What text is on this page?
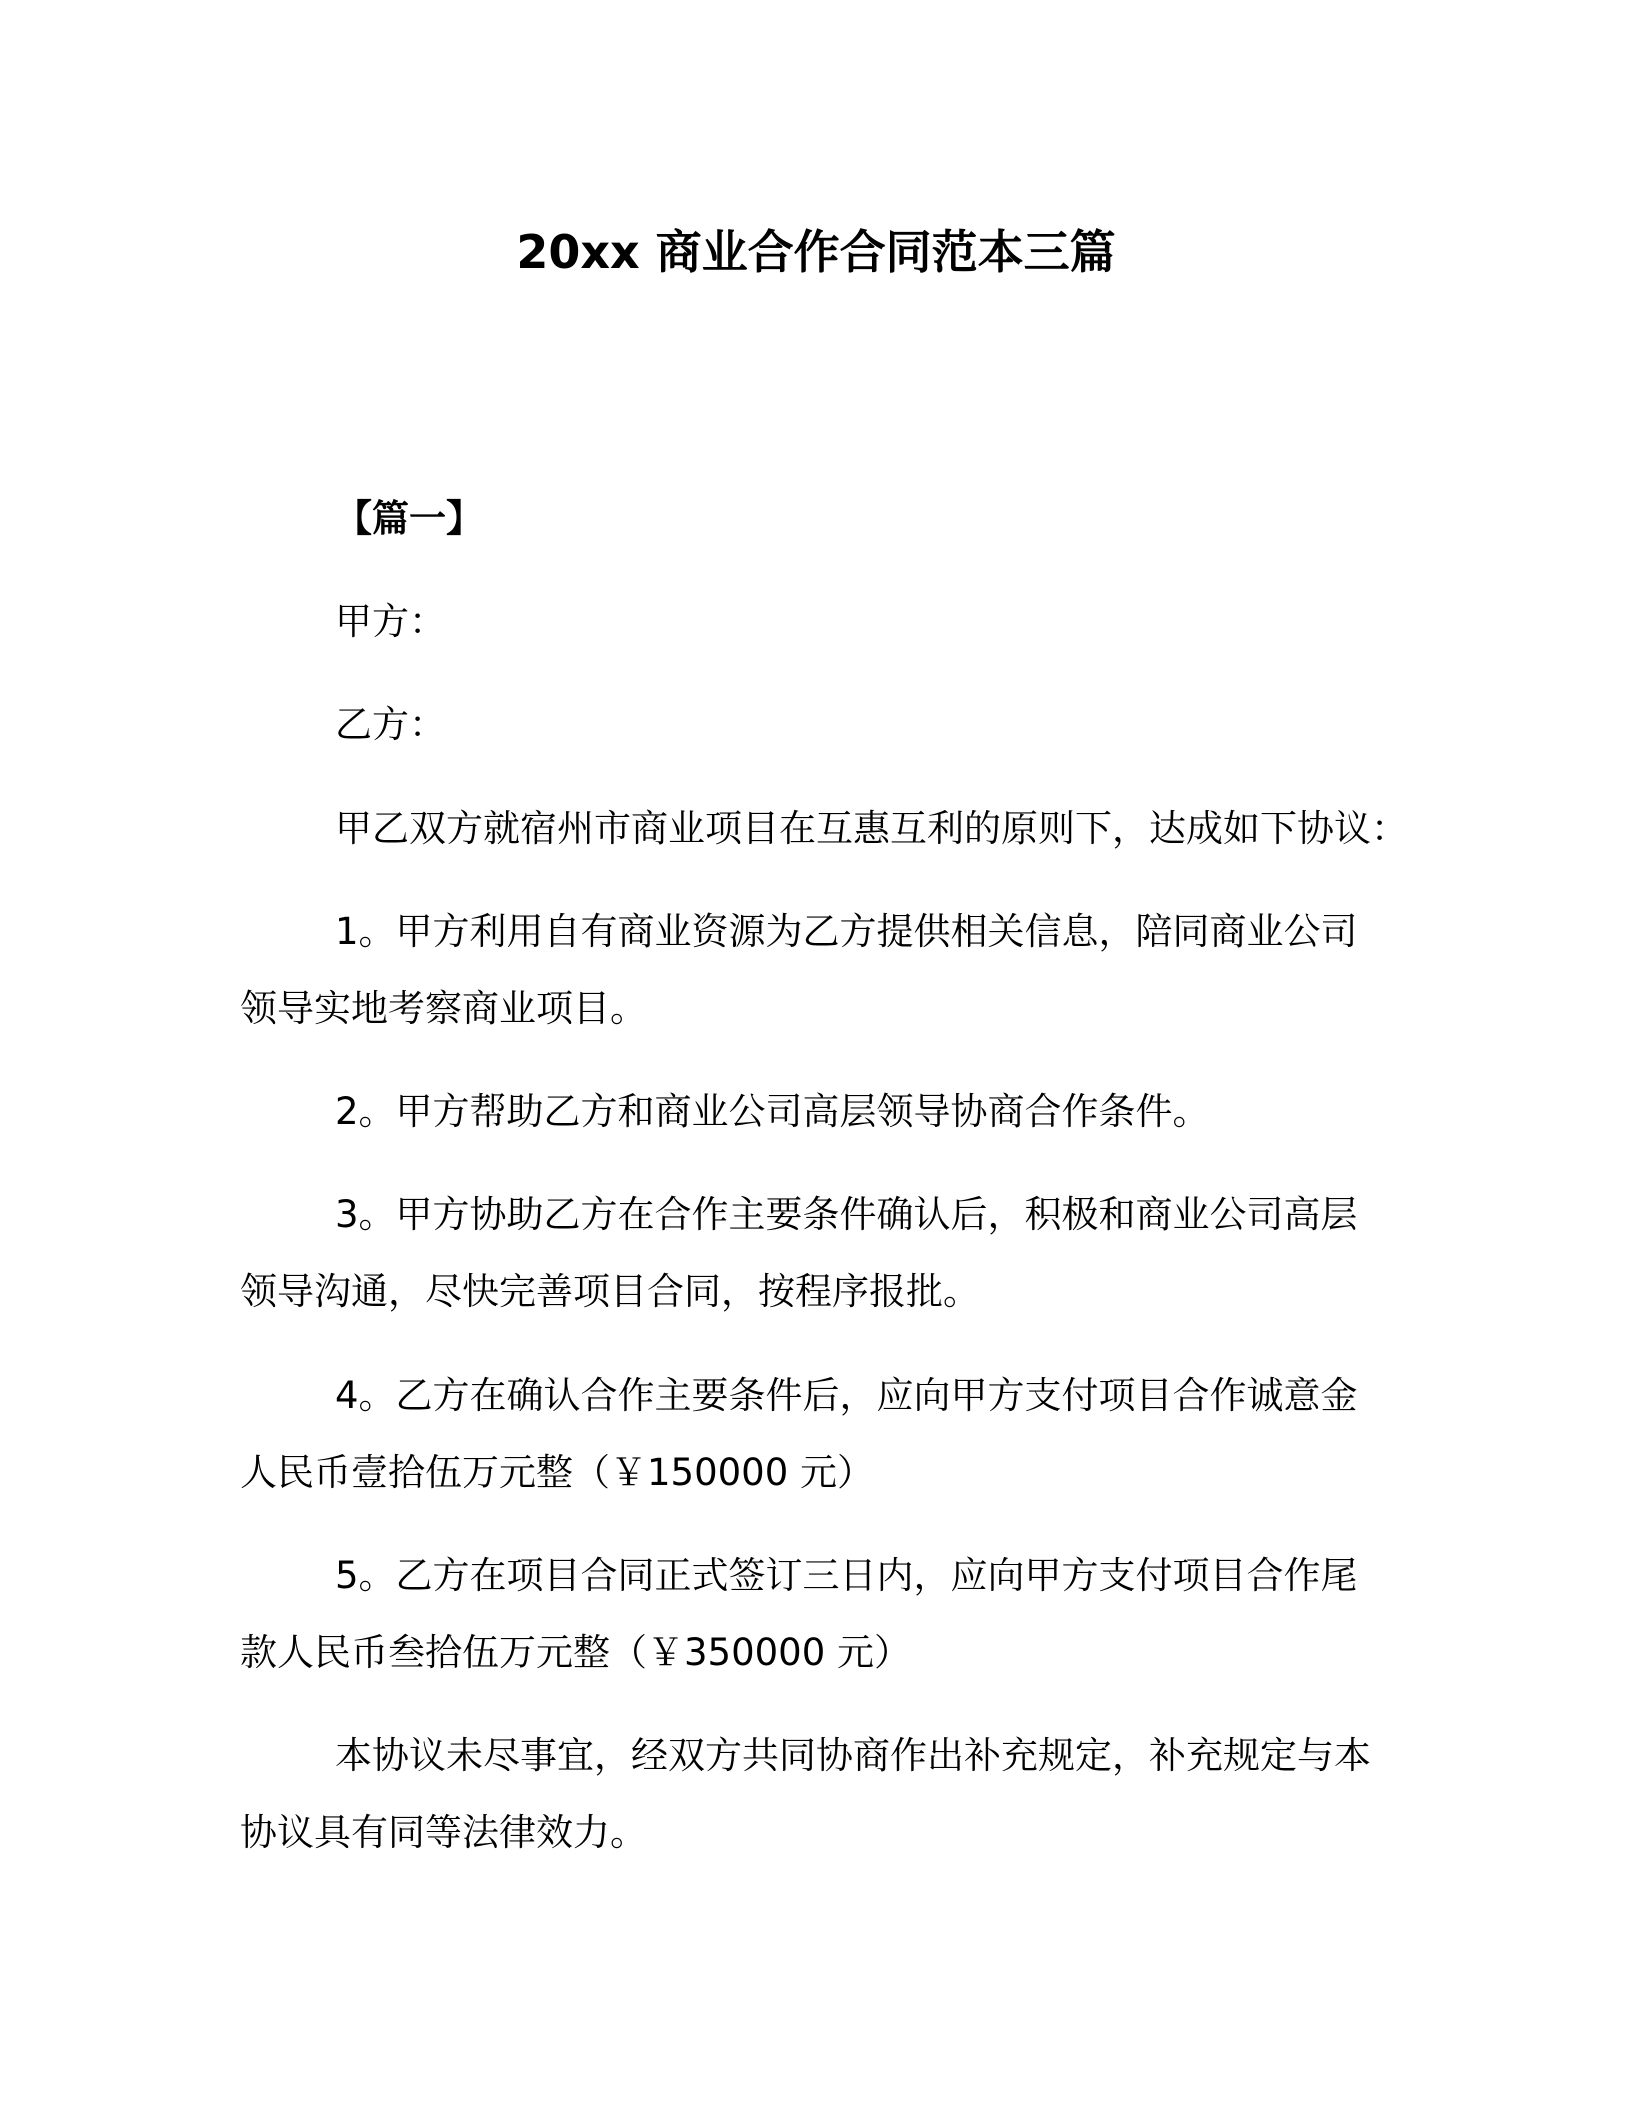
20xx 商业合作合同范本三篇
【篇一】
甲方：
乙方：
甲乙双方就宿州市商业项目在互惠互利的原则下，达成如下协议：
1。甲方利用自有商业资源为乙方提供相关信息，陪同商业公司
领导实地考察商业项目。
2。甲方帮助乙方和商业公司高层领导协商合作条件。
3。甲方协助乙方在合作主要条件确认后，积极和商业公司高层
领导沟通，尽快完善项目合同，按程序报批。
4。乙方在确认合作主要条件后，应向甲方支付项目合作诚意金
人民币壹拾伍万元整（￥150000 元）
5。乙方在项目合同正式签订三日内，应向甲方支付项目合作尾
款人民币叁拾伍万元整（￥350000 元）
本协议未尽事宜，经双方共同协商作出补充规定，补充规定与本
协议具有同等法律效力。
